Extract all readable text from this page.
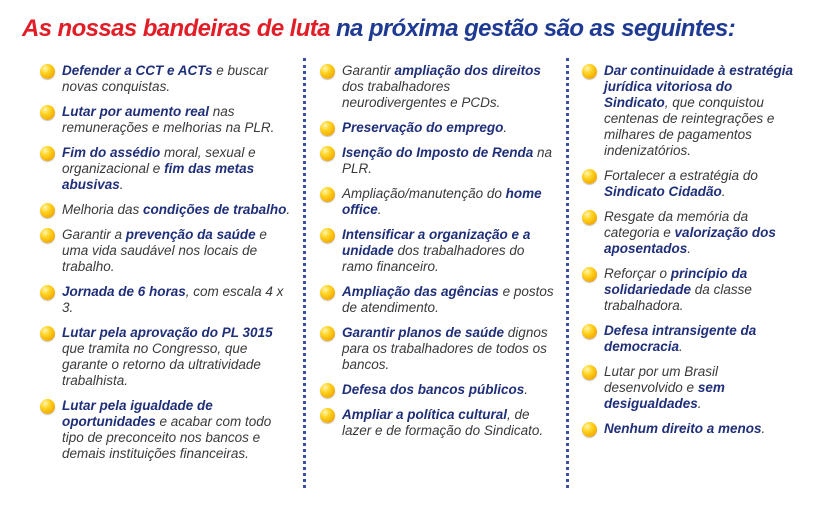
As nossas bandeiras de luta na próxima gestão são as seguintes:
Defender a CCT e ACTs e buscar novas conquistas.
Lutar por aumento real nas remunerações e melhorias na PLR.
Fim do assédio moral, sexual e organizacional e fim das metas abusivas.
Melhoria das condições de trabalho.
Garantir a prevenção da saúde e uma vida saudável nos locais de trabalho.
Jornada de 6 horas, com escala 4 x 3.
Lutar pela aprovação do PL 3015 que tramita no Congresso, que garante o retorno da ultratividade trabalhista.
Lutar pela igualdade de oportunidades e acabar com todo tipo de preconceito nos bancos e demais instituições financeiras.
Garantir ampliação dos direitos dos trabalhadores neurodivergentes e PCDs.
Preservação do emprego.
Isenção do Imposto de Renda na PLR.
Ampliação/manutenção do home office.
Intensificar a organização e a unidade dos trabalhadores do ramo financeiro.
Ampliação das agências e postos de atendimento.
Garantir planos de saúde dignos para os trabalhadores de todos os bancos.
Defesa dos bancos públicos.
Ampliar a política cultural, de lazer e de formação do Sindicato.
Dar continuidade à estratégia jurídica vitoriosa do Sindicato, que conquistou centenas de reintegrações e milhares de pagamentos indenizatórios.
Fortalecer a estratégia do Sindicato Cidadão.
Resgate da memória da categoria e valorização dos aposentados.
Reforçar o princípio da solidariedade da classe trabalhadora.
Defesa intransigente da democracia.
Lutar por um Brasil desenvolvido e sem desigualdades.
Nenhum direito a menos.
